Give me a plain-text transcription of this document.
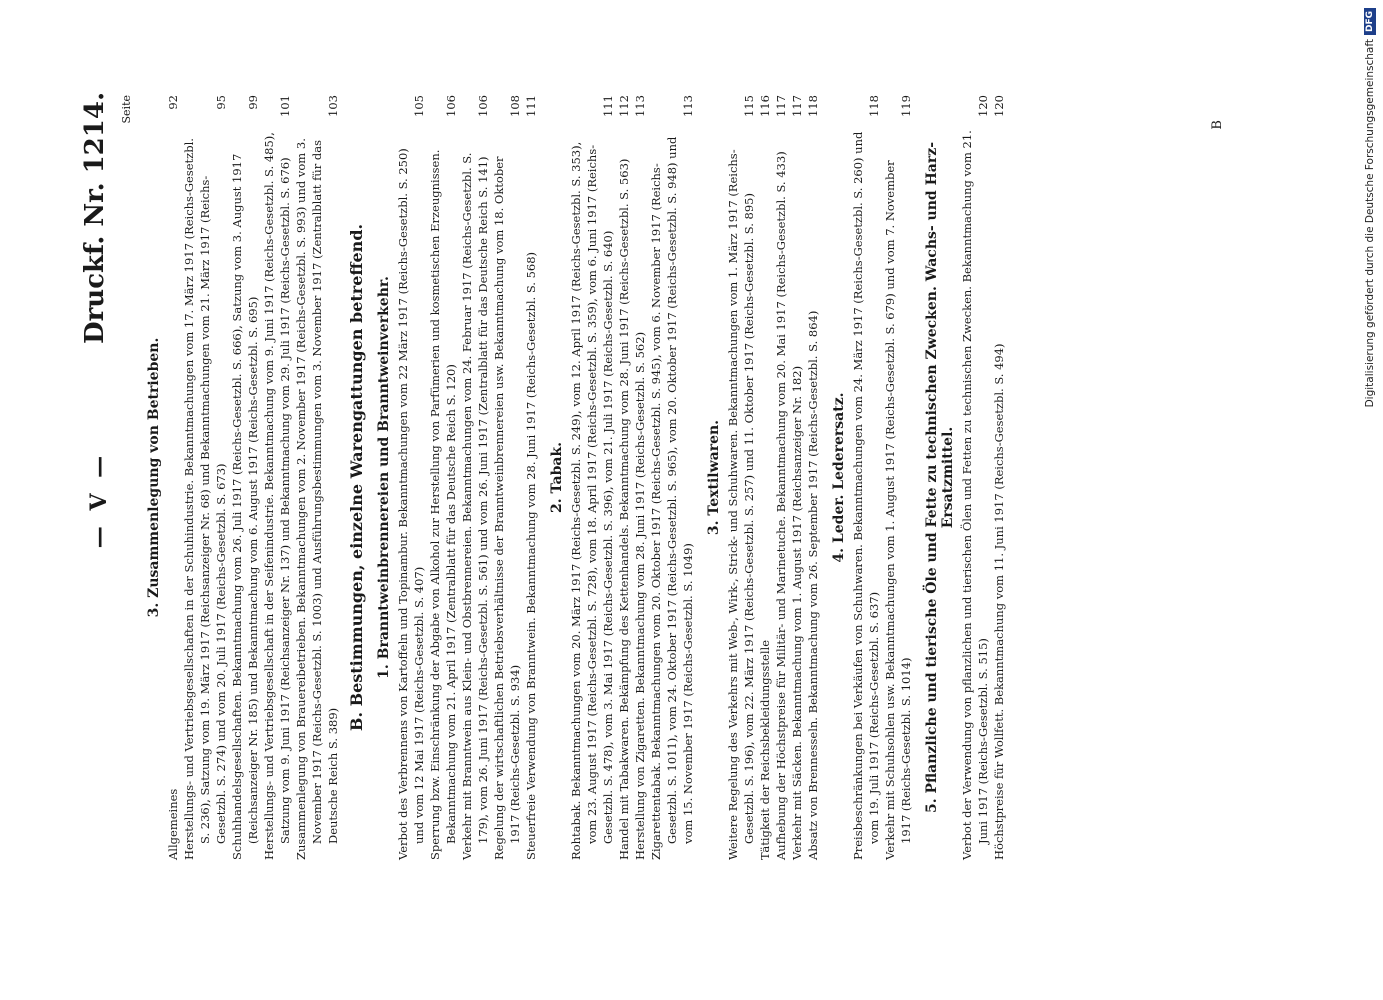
— V —
Druckf. Nr. 1214. Seite
3. Zusammenlegung von Betrieben.
Allgemeines
92
Herstellungs- und Vertriebsgesellschaften in der Schuhindustrie. Bekanntmachungen vom 17. März 1917 (Reichs-Gesetzbl. S. 236), Satzung vom 19. März 1917 (Reichsanzeiger Nr. 68) und Bekanntmachungen vom 21. März 1917 (Reichs-Gesetzbl. S. 274) und vom 20. Juli 1917 (Reichs-Gesetzbl. S. 673)
95
Schuhhandelsgesellschaften. Bekanntmachung vom 26. Juli 1917 (Reichs-Gesetzbl. S. 666), Satzung vom 3. August 1917 (Reichsanzeiger Nr. 185) und Bekanntmachung vom 6. August 1917 (Reichs-Gesetzbl. S. 695)
99
Herstellungs- und Vertriebsgesellschaft in der Seifenindustrie. Bekanntmachung vom 9. Juni 1917 (Reichs-Gesetzbl. S. 485), Satzung vom 9. Juni 1917 (Reichsanzeiger Nr. 137) und Bekanntmachung vom 29. Juli 1917 (Reichs-Gesetzbl. S. 676)
101
Zusammenlegung von Brauereibetrieben. Bekanntmachungen vom 2. November 1917 (Reichs-Gesetzbl. S. 993) und vom 3. November 1917 (Reichs-Gesetzbl. S. 1003) und Ausführungsbestimmungen vom 3. November 1917 (Zentralblatt für das Deutsche Reich S. 389)
103
B. Bestimmungen, einzelne Warengattungen betreffend. 1. Branntweinbrennereien und Branntweinverkehr. Verbot des Verbrennens von Kartoffeln und Topinambur. Bekanntmachungen vom 22 März 1917 (Reichs-Gesetzbl. S. 250) und vom 12 Mai 1917 (Reichs-Gesetzbl. S. 407)
105
Sperrung bzw. Einschränkung der Abgabe von Alkohol zur Herstellung von Parfümerien und kosmetischen Erzeugnissen. Bekanntmachung vom 21. April 1917 (Zentralblatt für das Deutsche Reich S. 120)
106
Verkehr mit Branntwein aus Klein- und Obstbrennereien. Bekanntmachungen vom 24. Februar 1917 (Reichs-Gesetzbl. S. 179), vom 26. Juni 1917 (Reichs-Gesetzbl. S. 561) und vom 26. Juni 1917 (Zentralblatt für das Deutsche Reich S. 141)
106
Regelung der wirtschaftlichen Betriebsverhältnisse der Branntweinbrennereien usw. Bekanntmachung vom 18. Oktober 1917 (Reichs-Gesetzbl. S. 934)
108
Steuerfreie Verwendung von Branntwein. Bekanntmachung vom 28. Juni 1917 (Reichs-Gesetzbl. S. 568)
111
2. Tabak. Rohtabak. Bekanntmachungen vom 20. März 1917 (Reichs-Gesetzbl. S. 249), vom 12. April 1917 (Reichs-Gesetzbl. S. 353), vom 23. August 1917 (Reichs-Gesetzbl. S. 728), vom 18. April 1917 (Reichs-Gesetzbl. S. 359), vom 6. Juni 1917 (Reichs-Gesetzbl. S. 478), vom 3. Mai 1917 (Reichs-Gesetzbl. S. 396), vom 21. Juli 1917 (Reichs-Gesetzbl. S. 640)
111
Handel mit Tabakwaren. Bekämpfung des Kettenhandels. Bekanntmachung vom 28. Juni 1917 (Reichs-Gesetzbl. S. 563)
112
Herstellung von Zigaretten. Bekanntmachung vom 28. Juni 1917 (Reichs-Gesetzbl. S. 562)
113
Zigarettentabak. Bekanntmachungen vom 20. Oktober 1917 (Reichs-Gesetzbl. S. 945), vom 6. November 1917 (Reichs-Gesetzbl. S. 1011), vom 24. Oktober 1917 (Reichs-Gesetzbl. S. 965), vom 20. Oktober 1917 (Reichs-Gesetzbl. S. 948) und vom 15. November 1917 (Reichs-Gesetzbl. S. 1049)
113
3. Textilwaren. Weitere Regelung des Verkehrs mit Web-, Wirk-, Strick- und Schuhwaren. Bekanntmachungen vom 1. März 1917 (Reichs-Gesetzbl. S. 196), vom 22. März 1917 (Reichs-Gesetzbl. S. 257) und 11. Oktober 1917 (Reichs-Gesetzbl. S. 895)
115
Tätigkeit der Reichsbekleidungsstelle
116
Aufhebung der Höchstpreise für Militär- und Marinetuche. Bekanntmachung vom 20. Mai 1917 (Reichs-Gesetzbl. S. 433)
117
Verkehr mit Säcken. Bekanntmachung vom 1. August 1917 (Reichsanzeiger Nr. 182)
117
Absatz von Brennesseln. Bekanntmachung vom 26. September 1917 (Reichs-Gesetzbl. S. 864)
118
4. Leder. Lederersatz. Preisbeschränkungen bei Verkäufen von Schuhwaren. Bekanntmachungen vom 24. März 1917 (Reichs-Gesetzbl. S. 260) und vom 19. Juli 1917 (Reichs-Gesetzbl. S. 637)
118
Verkehr mit Schuhsohlen usw. Bekanntmachungen vom 1. August 1917 (Reichs-Gesetzbl. S. 679) und vom 7. November 1917 (Reichs-Gesetzbl. S. 1014)
119
5. Pflanzliche und tierische Öle und Fette zu technischen Zwecken. Wachs- und Harz-Ersatzmittel. Verbot der Verwendung von pflanzlichen und tierischen Ölen und Fetten zu technischen Zwecken. Bekanntmachung vom 21. Juni 1917 (Reichs-Gesetzbl. S. 515)
120
Höchstpreise für Wollfett. Bekanntmachung vom 11. Juni 1917 (Reichs-Gesetzbl. S. 494)
120
B	Digitalisierung gefördert durch die Deutsche Forschungsgemeinschaft
DFG
